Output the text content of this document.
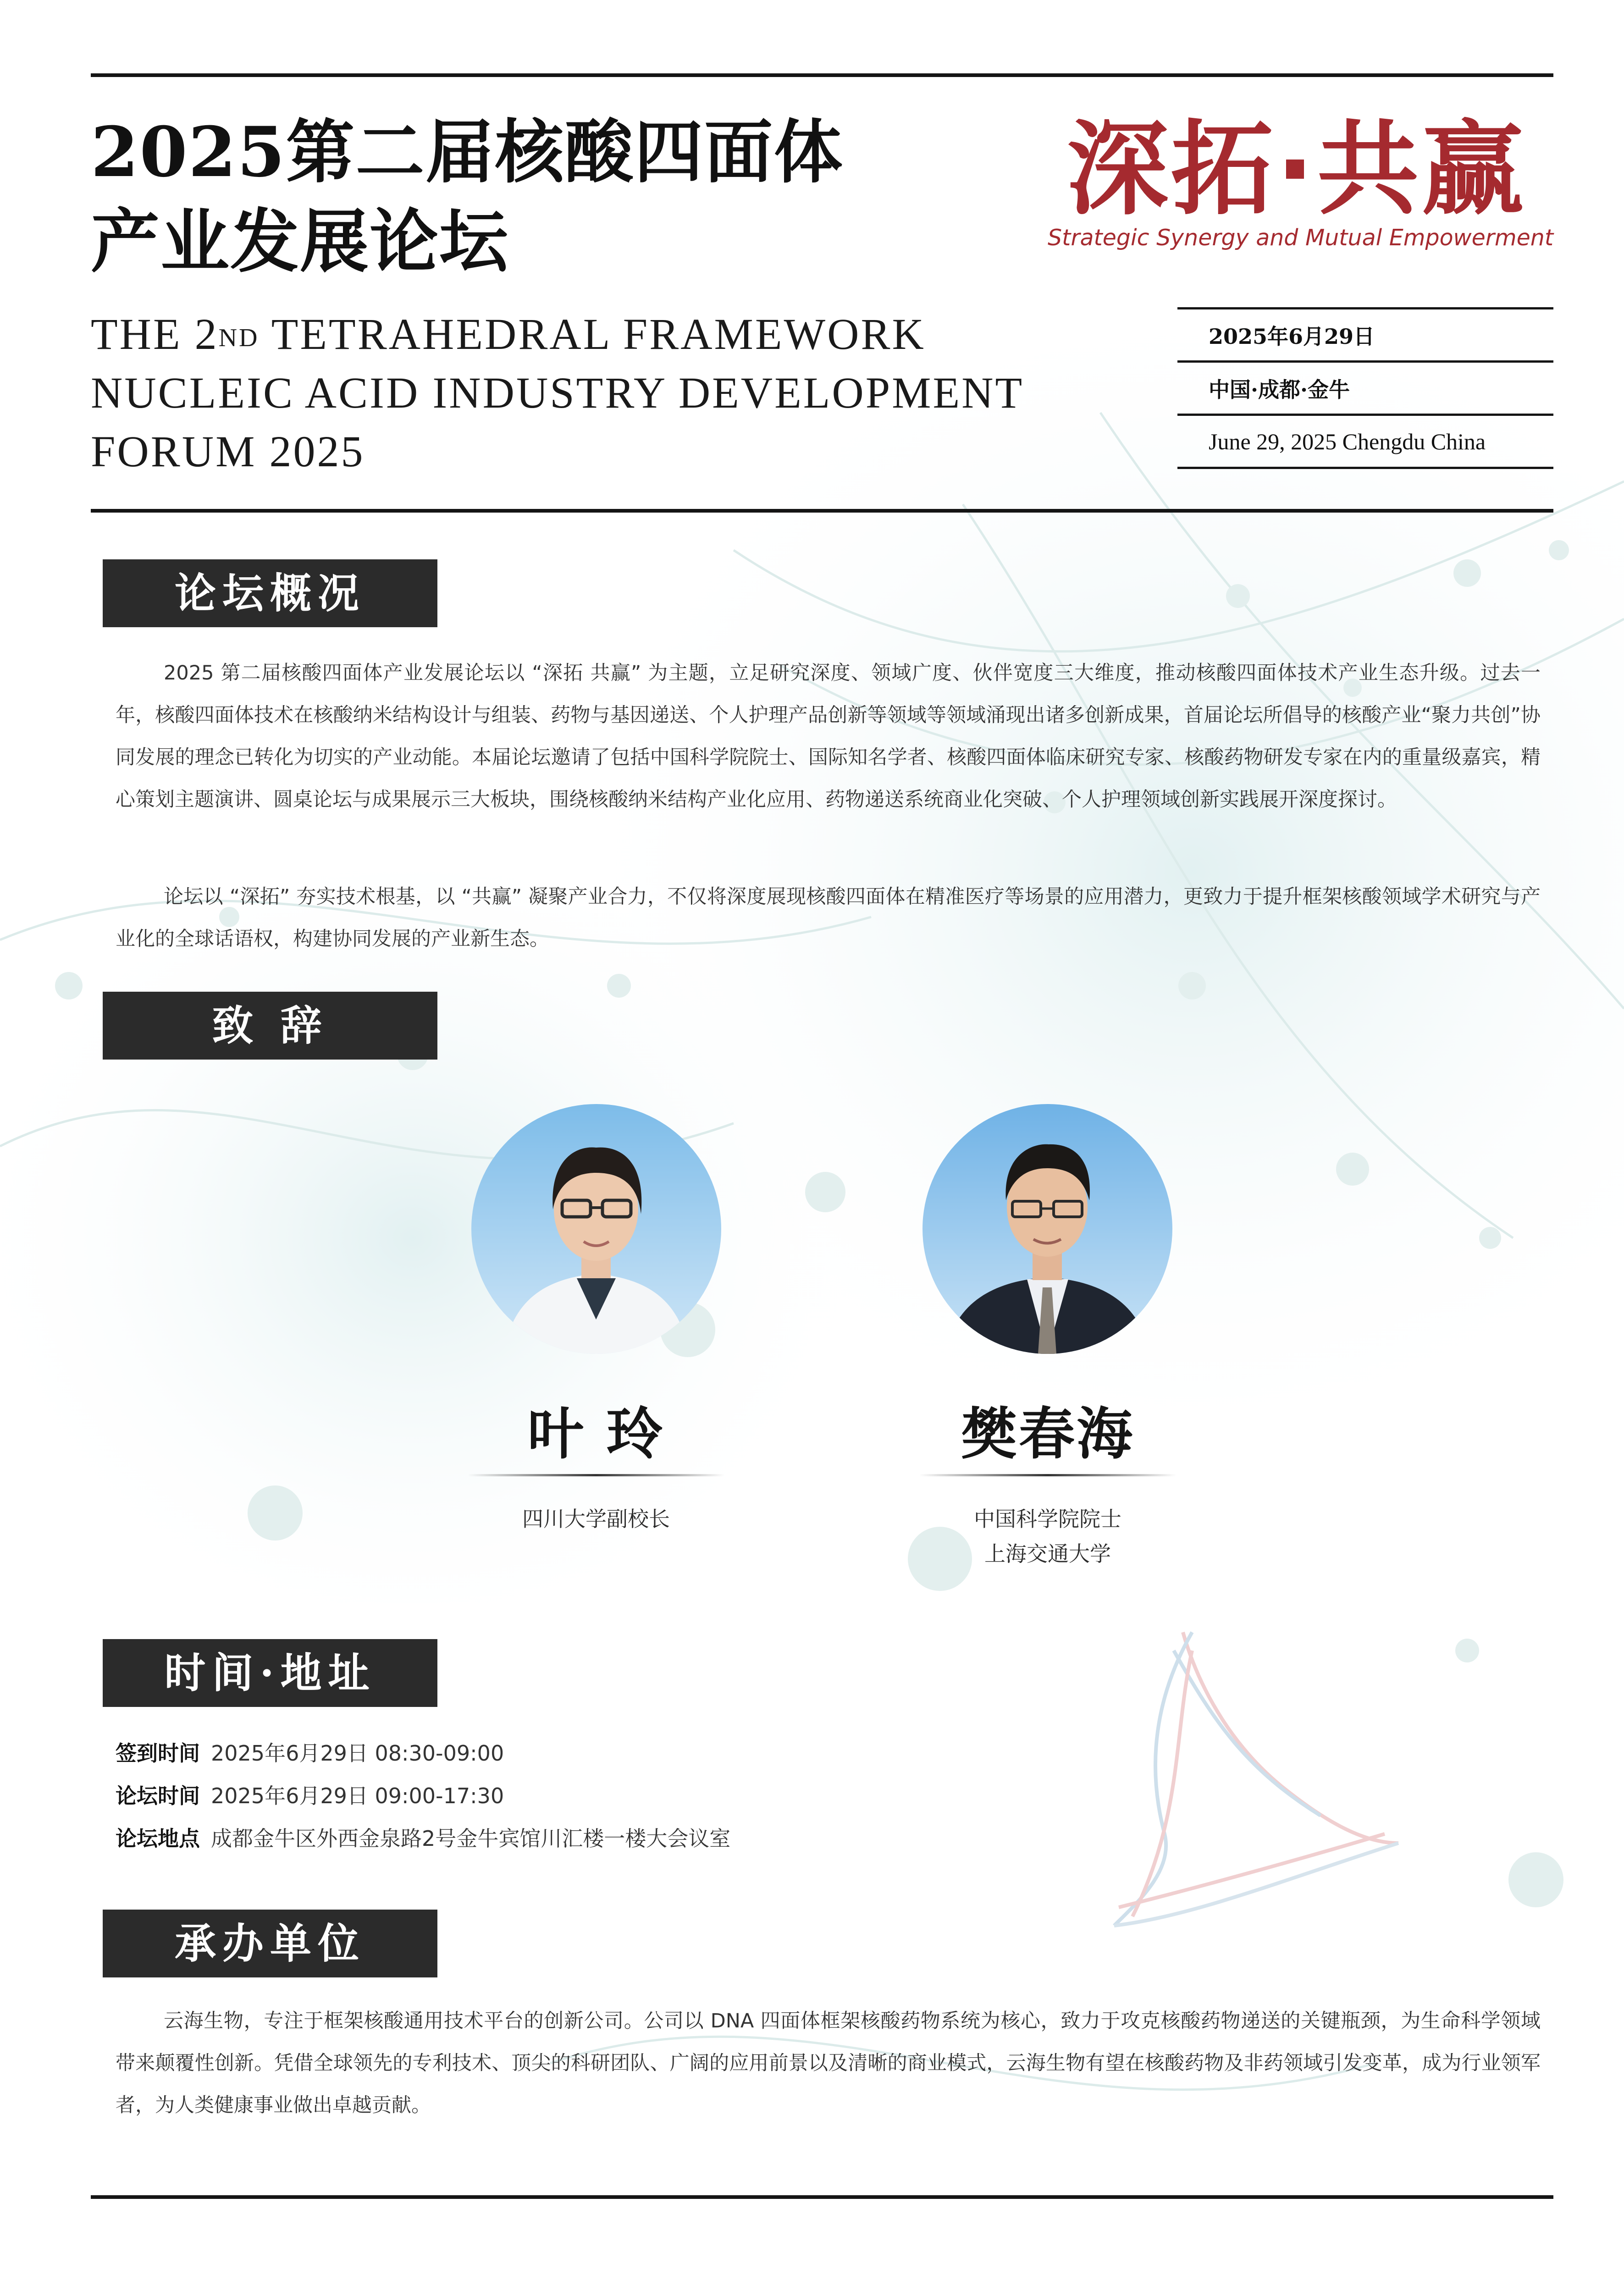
2025第二届核酸四面体
产业发展论坛
THE 2ND TETRAHEDRAL FRAMEWORK
NUCLEIC ACID INDUSTRY DEVELOPMENT
FORUM 2025
深拓·共赢
Strategic Synergy and Mutual Empowerment
2025年6月29日
中国·成都·金牛
June 29, 2025 Chengdu China
论坛概况
2025 第二届核酸四面体产业发展论坛以 “深拓 共赢” 为主题，立足研究深度、领域广度、伙伴宽度三大维度，推动核酸四面体技术产业生态升级。过去一年，核酸四面体技术在核酸纳米结构设计与组装、药物与基因递送、个人护理产品创新等领域等领域涌现出诸多创新成果，首届论坛所倡导的核酸产业“聚力共创”协同发展的理念已转化为切实的产业动能。本届论坛邀请了包括中国科学院院士、国际知名学者、核酸四面体临床研究专家、核酸药物研发专家在内的重量级嘉宾，精心策划主题演讲、圆桌论坛与成果展示三大板块，围绕核酸纳米结构产业化应用、药物递送系统商业化突破、个人护理领域创新实践展开深度探讨。
论坛以 “深拓” 夯实技术根基，以 “共赢” 凝聚产业合力，不仅将深度展现核酸四面体在精准医疗等场景的应用潜力，更致力于提升框架核酸领域学术研究与产业化的全球话语权，构建协同发展的产业新生态。
致 辞
叶 玲
四川大学副校长
樊春海
中国科学院院士
上海交通大学
时间·地址
签到时间 2025年6月29日 08:30-09:00
论坛时间 2025年6月29日 09:00-17:30
论坛地点 成都金牛区外西金泉路2号金牛宾馆川汇楼一楼大会议室
承办单位
云海生物，专注于框架核酸通用技术平台的创新公司。公司以 DNA 四面体框架核酸药物系统为核心，致力于攻克核酸药物递送的关键瓶颈，为生命科学领域带来颠覆性创新。凭借全球领先的专利技术、顶尖的科研团队、广阔的应用前景以及清晰的商业模式，云海生物有望在核酸药物及非药领域引发变革，成为行业领军者，为人类健康事业做出卓越贡献。
